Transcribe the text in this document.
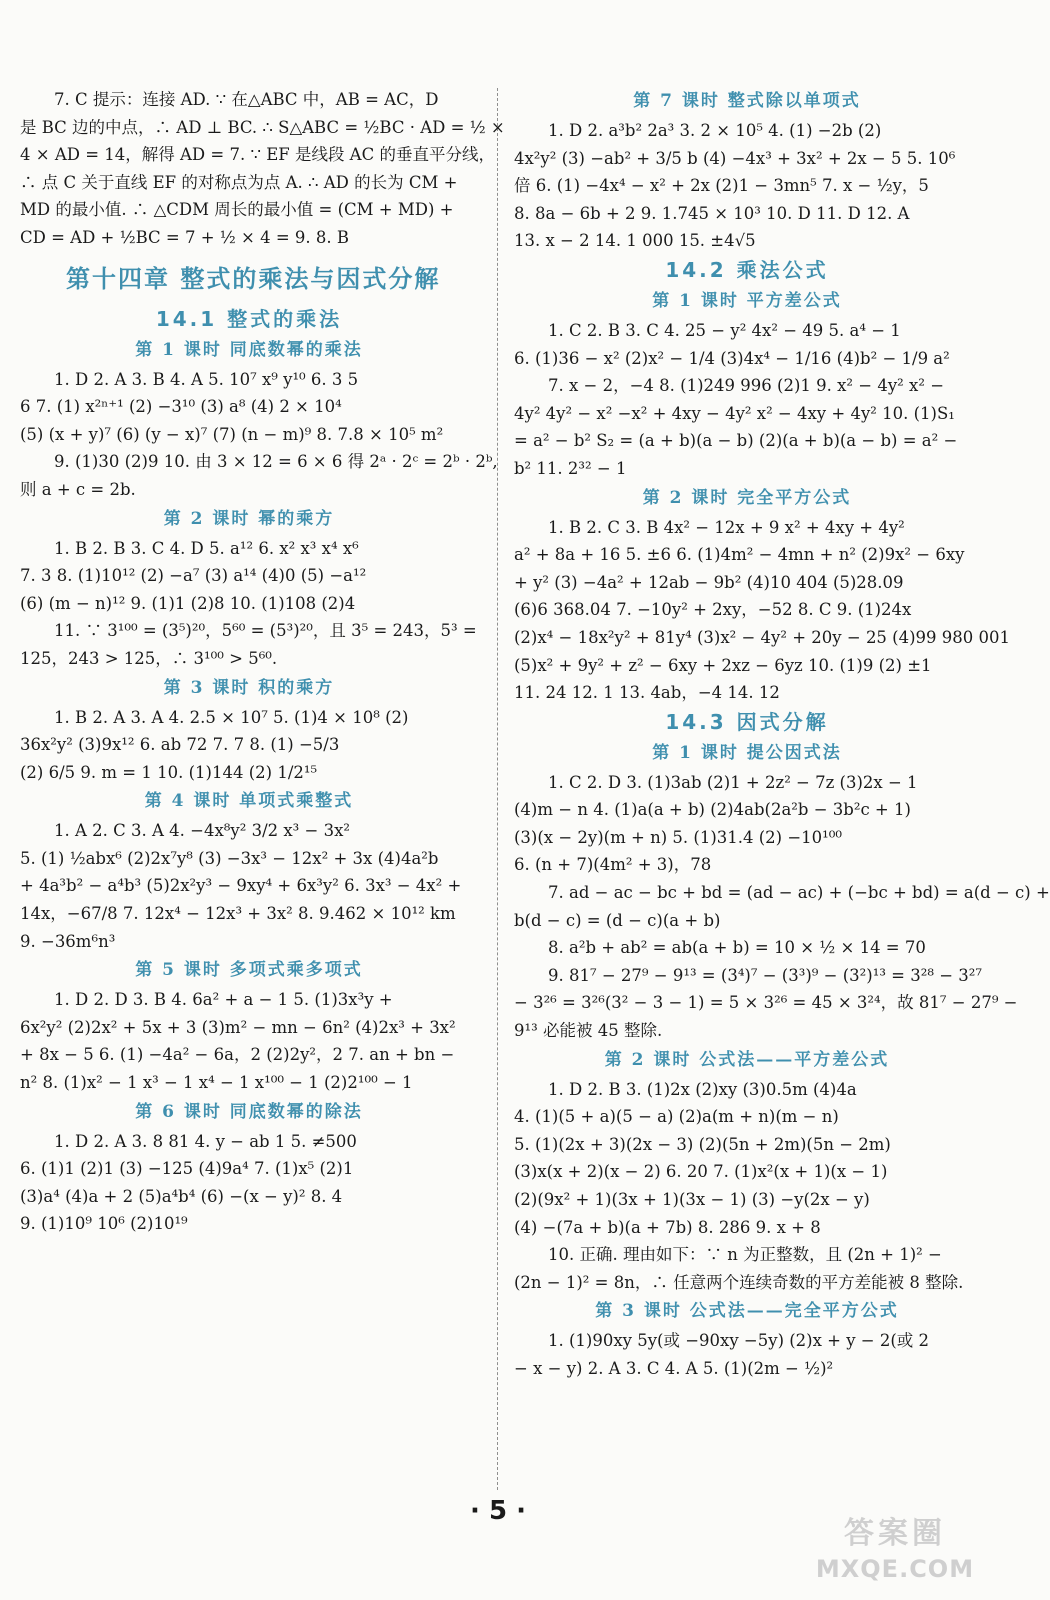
7. C 提示：连接 AD. ∵ 在△ABC 中，AB = AC，D
是 BC 边的中点，∴ AD ⊥ BC. ∴ S△ABC = ½BC · AD = ½ ×
4 × AD = 14，解得 AD = 7. ∵ EF 是线段 AC 的垂直平分线，
∴ 点 C 关于直线 EF 的对称点为点 A. ∴ AD 的长为 CM +
MD 的最小值. ∴ △CDM 周长的最小值 = (CM + MD) +
CD = AD + ½BC = 7 + ½ × 4 = 9. 8. B
第十四章 整式的乘法与因式分解
14.1 整式的乘法
第 1 课时 同底数幂的乘法
1. D 2. A 3. B 4. A 5. 10⁷ x⁹ y¹⁰ 6. 3 5
6 7. (1) x²ⁿ⁺¹ (2) −3¹⁰ (3) a⁸ (4) 2 × 10⁴
(5) (x + y)⁷ (6) (y − x)⁷ (7) (n − m)⁹ 8. 7.8 × 10⁵ m²
9. (1)30 (2)9 10. 由 3 × 12 = 6 × 6 得 2ᵃ · 2ᶜ = 2ᵇ · 2ᵇ,
则 a + c = 2b.
第 2 课时 幂的乘方
1. B 2. B 3. C 4. D 5. a¹² 6. x² x³ x⁴ x⁶
7. 3 8. (1)10¹² (2) −a⁷ (3) a¹⁴ (4)0 (5) −a¹²
(6) (m − n)¹² 9. (1)1 (2)8 10. (1)108 (2)4
11. ∵ 3¹⁰⁰ = (3⁵)²⁰，5⁶⁰ = (5³)²⁰，且 3⁵ = 243，5³ =
125，243 > 125，∴ 3¹⁰⁰ > 5⁶⁰.
第 3 课时 积的乘方
1. B 2. A 3. A 4. 2.5 × 10⁷ 5. (1)4 × 10⁸ (2)
36x²y² (3)9x¹² 6. ab 72 7. 7 8. (1) −5/3
(2) 6/5 9. m = 1 10. (1)144 (2) 1/2¹⁵
第 4 课时 单项式乘整式
1. A 2. C 3. A 4. −4x⁸y² 3/2 x³ − 3x²
5. (1) ½abx⁶ (2)2x⁷y⁸ (3) −3x³ − 12x² + 3x (4)4a²b
+ 4a³b² − a⁴b³ (5)2x²y³ − 9xy⁴ + 6x³y² 6. 3x³ − 4x² +
14x，−67/8 7. 12x⁴ − 12x³ + 3x² 8. 9.462 × 10¹² km
9. −36m⁶n³
第 5 课时 多项式乘多项式
1. D 2. D 3. B 4. 6a² + a − 1 5. (1)3x³y +
6x²y² (2)2x² + 5x + 3 (3)m² − mn − 6n² (4)2x³ + 3x²
+ 8x − 5 6. (1) −4a² − 6a，2 (2)2y²，2 7. an + bn −
n² 8. (1)x² − 1 x³ − 1 x⁴ − 1 x¹⁰⁰ − 1 (2)2¹⁰⁰ − 1
第 6 课时 同底数幂的除法
1. D 2. A 3. 8 81 4. y − ab 1 5. ≠500
6. (1)1 (2)1 (3) −125 (4)9a⁴ 7. (1)x⁵ (2)1
(3)a⁴ (4)a + 2 (5)a⁴b⁴ (6) −(x − y)² 8. 4
9. (1)10⁹ 10⁶ (2)10¹⁹
第 7 课时 整式除以单项式
1. D 2. a³b² 2a³ 3. 2 × 10⁵ 4. (1) −2b (2)
4x²y² (3) −ab² + 3/5 b (4) −4x³ + 3x² + 2x − 5 5. 10⁶
倍 6. (1) −4x⁴ − x² + 2x (2)1 − 3mn⁵ 7. x − ½y，5
8. 8a − 6b + 2 9. 1.745 × 10³ 10. D 11. D 12. A
13. x − 2 14. 1 000 15. ±4√5
14.2 乘法公式
第 1 课时 平方差公式
1. C 2. B 3. C 4. 25 − y² 4x² − 49 5. a⁴ − 1
6. (1)36 − x² (2)x² − 1/4 (3)4x⁴ − 1/16 (4)b² − 1/9 a²
7. x − 2，−4 8. (1)249 996 (2)1 9. x² − 4y² x² −
4y² 4y² − x² −x² + 4xy − 4y² x² − 4xy + 4y² 10. (1)S₁
= a² − b² S₂ = (a + b)(a − b) (2)(a + b)(a − b) = a² −
b² 11. 2³² − 1
第 2 课时 完全平方公式
1. B 2. C 3. B 4x² − 12x + 9 x² + 4xy + 4y²
a² + 8a + 16 5. ±6 6. (1)4m² − 4mn + n² (2)9x² − 6xy
+ y² (3) −4a² + 12ab − 9b² (4)10 404 (5)28.09
(6)6 368.04 7. −10y² + 2xy，−52 8. C 9. (1)24x
(2)x⁴ − 18x²y² + 81y⁴ (3)x² − 4y² + 20y − 25 (4)99 980 001
(5)x² + 9y² + z² − 6xy + 2xz − 6yz 10. (1)9 (2) ±1
11. 24 12. 1 13. 4ab，−4 14. 12
14.3 因式分解
第 1 课时 提公因式法
1. C 2. D 3. (1)3ab (2)1 + 2z² − 7z (3)2x − 1
(4)m − n 4. (1)a(a + b) (2)4ab(2a²b − 3b²c + 1)
(3)(x − 2y)(m + n) 5. (1)31.4 (2) −10¹⁰⁰
6. (n + 7)(4m² + 3)，78
7. ad − ac − bc + bd = (ad − ac) + (−bc + bd) = a(d − c) +
b(d − c) = (d − c)(a + b)
8. a²b + ab² = ab(a + b) = 10 × ½ × 14 = 70
9. 81⁷ − 27⁹ − 9¹³ = (3⁴)⁷ − (3³)⁹ − (3²)¹³ = 3²⁸ − 3²⁷
− 3²⁶ = 3²⁶(3² − 3 − 1) = 5 × 3²⁶ = 45 × 3²⁴，故 81⁷ − 27⁹ −
9¹³ 必能被 45 整除.
第 2 课时 公式法——平方差公式
1. D 2. B 3. (1)2x (2)xy (3)0.5m (4)4a
4. (1)(5 + a)(5 − a) (2)a(m + n)(m − n)
5. (1)(2x + 3)(2x − 3) (2)(5n + 2m)(5n − 2m)
(3)x(x + 2)(x − 2) 6. 20 7. (1)x²(x + 1)(x − 1)
(2)(9x² + 1)(3x + 1)(3x − 1) (3) −y(2x − y)
(4) −(7a + b)(a + 7b) 8. 286 9. x + 8
10. 正确. 理由如下：∵ n 为正整数，且 (2n + 1)² −
(2n − 1)² = 8n，∴ 任意两个连续奇数的平方差能被 8 整除.
第 3 课时 公式法——完全平方公式
1. (1)90xy 5y(或 −90xy −5y) (2)x + y − 2(或 2
− x − y) 2. A 3. C 4. A 5. (1)(2m − ½)²
· 5 ·
答案圈
MXQE.COM
